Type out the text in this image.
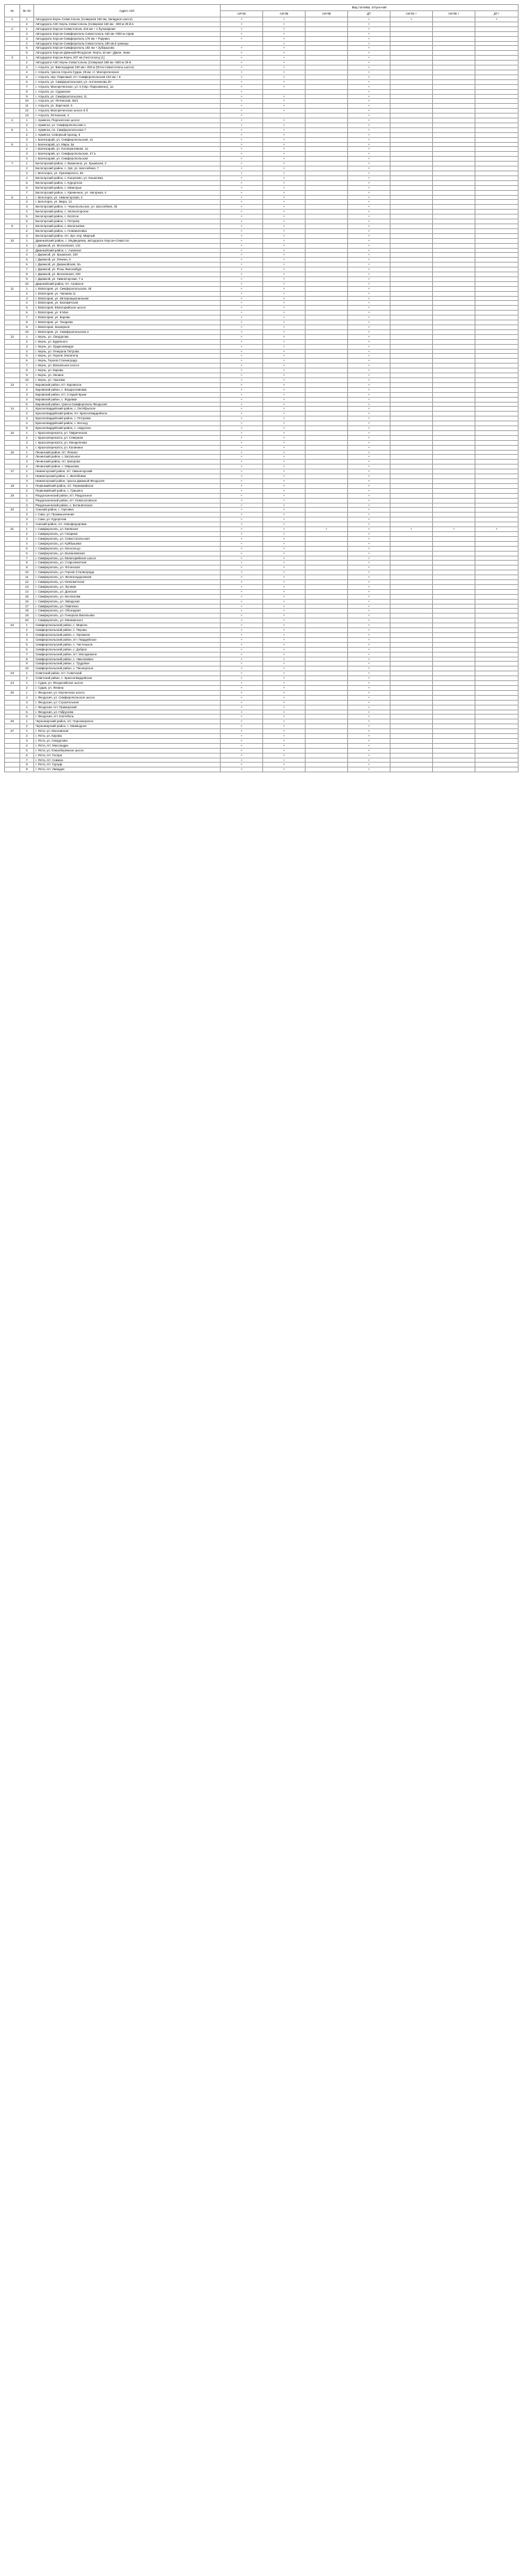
№	№ п/п	Адрес АЗС	Вид топлива, отпуск-ния						
			АИ-92	АИ-95	АИ-98	ДТ	АИ-92 +	АИ-95 +	ДТ+
1	1	Автодорога Керчь-Севастополь (Северная 150 км, Западное шоссе)	+	+		+	+		+
	2	Автодорога АЗС Керчь-Севастополь (Северная 150 км - 600 м 30-й в	+	+		+			
2	1	Автодорога Херсон-Севастополь 315 км + 1 бульварная	+	+		+			
	2	Автодорога Херсон-Симферополь-Севастополь 160 км +000 м справ	+	+		+			
	3	Автодорога Херсон-Симферополь 176 км + Роднико	+	+		+			
	4	Автодорога Херсон-Симферополь-Севастополь 180 км в границе		+		+			
	5	Автодорога Херсон-Симферополь 182 км + Зубарьково	+	+		+			
	6	Автодорога Херсон-Джанкой-Феодосия -Керчь 15 км+ (Джан. лежи	+	+		+			
3	1	Автодорога Херсон-Керчь 207 км (Чистополь) [г.]	+	+		+			
	2	Автодорога АЗС Керчь-Севастополь (Северная 198 км +500 м 30-й	+	+		+			
	3	г. Алушта, ул. Виноградная 100 км+ 400 м (Ялта-Севастополь шоссе)	+	+		+			
	4	г. Алушта, трасса Алушта-Судак, 28 км, ст. Малореченское	+	+		+			
	5	г. Алушта, пер. Парковый, пгт. Симферопольская 104 км + 6	+	+		+			
	6	г. Алушта, ул. Симферопольская, ул. Антоненкова 30	+	+		+			
	7	г. Алушта, Малореченское, ул. 6 (пер. Пархоменко), 1а	+	+		+			
	8	г. Алушта, ул. Судакская	+			+			
	9	г. Алушта, ул. Симферопольская, 11	+	+		+			
	10	г. Алушта, ул. Ялтинская, 56/1	+	+		+			
	11	г. Алушта, ул. Заречная, 5	+	+		+			
	12	г. Алушта, Малореченское шоссе 5 б	+	+		+			
	13	г. Алушта, Ялтинская, 4	+			+			
4	1	г. Армянск, Перекопское шоссе	+	+		+			
	2	г. Армянск, ул. Симферопольская 1	+	+		+			
5	1	г. Армянск, пл. Симферопольская 7	+	+		+			
	2	г. Армянск, Северный проезд, 6	+	+		+			
	3	г. Бахчисарай, ул. Симферопольская, 41	+	+		+			
6	1	г. Бахчисарай, ул. Мира, 5а	+	+		+			
	2	г. Бахчисарай, ул. Кооперативная, 1а	+	+		+			
	3	г. Бахчисарай, ул. Симферопольская, 47 а	+	+		+			
	4	г. Бахчисарай, ул. Симферопольская	+	+		+			
7	1	Белогорский район, с. Вишенное, ул. Крымская, 2	+	+		+			
	2	Белогорский район, с. Зуя, ул. Шоссейная, 7	+	+		+			
	3	г. Белогорск, ул. Луначарского, 62	+	+		+			
	4	Белогорский район, с. Кошелево, ул. Кошелева	+	+		+			
	5	Белогорский район, с. Курортное	+	+		+			
	6	Белогорский район, с. Межгорье	+	+		+			
	7	Белогорский район, с. Криничное, ул. Нагорная, 4	+	+		+			
8	1	г. Белогорск, ул. Нижнегорская, 4	+	+		+			
	2	г. Белогорск, ул. Мира, 12	+	+		+			
	3	Белогорский район, с. Чернопольское, ул. Шоссейная, 45	+	+		+			
	4	Белогорский район, с. Зеленогорское	+	+		+			
	5	Белогорский район, с. Богатое	+	+		+			
	6	Белогорский район, с. Петрово	+	+		+			
9	1	Белогорский район, с. Васильевка	+	+		+			
	2	Белогорский район, с. Новожиловка	+	+		+			
	3	Белогорский район, пгт. Зуя, пер. Мирный	+	+		+			
10	1	Джанкойский район, с. Медведевка, автодорога Херсон-Севастоп.	+	+		+			
	2	г. Джанкой, ул. Московская, 131	+	+		+			
	3	Джанкойский район, с. Азовское	+	+		+			
	4	г. Джанкой, ул. Крымская, 100	+	+		+			
	5	г. Джанкой, ул. Ленина, 6	+	+		+			
	6	г. Джанкой, ул. Джанкойская, 5а	+	+		+			
	7	г. Джанкой, ул. Розы Люксембург	+	+		+			
	8	г. Джанкой, ул. Московская, 100	+	+		+			
	9	г. Джанкой, ул. Нижнегорская, 7 а	+	+		+			
	10	Джанкойский район, пгт. Азовское	+	+		+			
11	1	г. Евпатория, ул. Симферопольская, 45	+	+		+			
	2	г. Евпатория, ул. Чапаева 11	+	+		+			
	3	г. Евпатория, ул. Интернациональная	+	+		+			
	4	г. Евпатория, ул. Каламитская	+	+		+			
	5	г. Евпатория, Евпаторийское шоссе	+	+		+			
	6	г. Евпатория, ул. 9 Мая	+	+		+			
	7	г. Евпатория, ул. Кирова	+	+		+			
	8	г. Евпатория, ул. Токарева	+	+		+			
	9	г. Евпатория, Заозёрное	+	+		+			
	10	г. Евпатория, ул. Симферопольская 2	+	+		+			
12	1	г. Керчь, ул. Свердлова	+	+		+			
	2	г. Керчь, ул. Будённого	+	+		+			
	3	г. Керчь, ул. Орджоникидзе	+	+		+			
	4	г. Керчь, ул. Генерала Петрова	+	+		+			
	5	г. Керчь, ул. Героев Эльтигена	+	+		+			
	6	г. Керчь, Героев Сталинграда	+	+		+			
	7	г. Керчь, ул. Вокзальное шоссе	+	+		+			
	8	г. Керчь, ул. Кирова	+	+		+			
	9	г. Керчь, ул. Ленина	+	+		+			
	10	г. Керчь, ул. Чкалова	+	+		+			
13	1	Кировский район, пгт. Кировское	+	+		+			
	2	Кировский район, с. Владиславовка	+	+		+			
	3	Кировский район, пгт. Старый Крым	+	+		+			
	4	Кировский район, с. Журавки	+	+		+			
	5	Кировский район, трасса Симферополь-Феодосия	+	+		+			
14	1	Красногвардейский район, с. Октябрьское	+	+		+			
	2	Красногвардейский район, пгт. Красногвардейское	+	+		+			
	3	Красногвардейский район, с. Петровка	+	+		+			
	4	Красногвардейский район, с. Восход	+	+		+			
	5	Красногвардейский район, с. Амурское	+	+		+			
15	1	г. Красноперекопск, ул. Таврическая	+	+		+			
	2	г. Красноперекопск, ул. Северная	+	+		+			
	3	г. Красноперекопск, ул. Менделеева	+	+		+			
	4	г. Красноперекопск, ул. Калинина	+	+		+			
16	1	Ленинский район, пгт. Ленино	+	+		+			
	2	Ленинский район, с. Батальное	+	+		+			
	3	Ленинский район, пгт. Багерово	+	+		+			
	4	Ленинский район, с. Марьевка	+	+		+			
17	1	Нижнегорский район, пгт. Нижнегорский	+	+		+			
	2	Нижнегорский район, с. Желябовка	+	+		+			
	3	Нижнегорский район, трасса Джанкой-Феодосия	+	+		+			
18	1	Первомайский район, пгт. Первомайское	+	+		+			
	2	Первомайский район, с. Гришино	+	+		+			
19	1	Раздольненский район, пгт. Раздольное	+	+		+			
	2	Раздольненский район, пгт. Новоселовское	+	+		+			
	3	Раздольненский район, с. Ботаническое	+	+		+			
20	1	Сакский район, с. Орловка	+	+		+			
	2	г. Саки, ул. Промышленная	+	+		+			
	3	г. Саки, ул. Курортная	+	+		+			
	4	Сакский район, пгт. Новофедоровка	+	+		+			
21	1	г. Симферополь, ул. Киевская	+	+	+	+	+	+	+
	2	г. Симферополь, ул. Гагарина	+	+		+			
	3	г. Симферополь, ул. Севастопольская	+	+		+			
	4	г. Симферополь, ул. Куйбышева	+	+		+			
	5	г. Симферополь, ул. Москольцо	+	+		+			
	6	г. Симферополь, ул. Балаклавская	+	+		+			
	7	г. Симферополь, ул. Евпаторийское шоссе	+	+		+			
	8	г. Симферополь, ул. Старозенитная	+	+		+			
	9	г. Симферополь, ул. Ялтинская	+	+		+			
	10	г. Симферополь, ул. Героев Сталинграда	+	+		+			
	11	г. Симферополь, ул. Железнодорожная	+	+		+			
	12	г. Симферополь, ул. Кечкеметская	+	+		+			
	13	г. Симферополь, ул. Луговая	+	+		+			
	14	г. Симферополь, ул. Донская	+	+		+			
	15	г. Симферополь, ул. Беспалова	+	+		+			
	16	г. Симферополь, ул. Заводская	+	+		+			
	17	г. Симферополь, ул. Павленко	+	+		+			
	18	г. Симферополь, ул. Объездная	+	+		+			
	19	г. Симферополь, ул. Генерала Васильева	+	+		+			
	20	г. Симферополь, ул. Маяковского	+	+		+			
22	1	Симферопольский район, с. Мирное	+	+		+			
	2	Симферопольский район, с. Перово	+	+		+			
	3	Симферопольский район, с. Укромное	+	+		+			
	4	Симферопольский район, пгт. Гвардейское	+	+		+			
	5	Симферопольский район, с. Чистенькое	+	+		+			
	6	Симферопольский район, с. Доброе	+	+		+			
	7	Симферопольский район, пгт. Молодежное	+	+		+			
	8	Симферопольский район, с. Николаевка	+	+		+			
	9	Симферопольский район, с. Трудовое	+	+		+			
	10	Симферопольский район, с. Пионерское	+	+		+			
23	1	Советский район, пгт. Советский	+	+		+			
	2	Советский район, с. Красногвардейское	+	+		+			
24	1	г. Судак, ул. Феодосийское шоссе	+	+		+			
	2	г. Судак, ул. Ленина	+	+		+			
25	1	г. Феодосия, ул. Керченское шоссе	+	+		+			
	2	г. Феодосия, ул. Симферопольское шоссе	+	+		+			
	3	г. Феодосия, ул. Строительная	+	+		+			
	4	г. Феодосия, пгт. Приморский	+	+		+			
	5	г. Феодосия, ул. Габрусева	+	+		+			
	6	г. Феодосия, пгт. Коктебель	+	+		+			
26	1	Черноморский район, пгт. Черноморское	+	+		+			
	2	Черноморский район, с. Межводное	+	+		+			
27	1	г. Ялта, ул. Московская	+	+		+			
	2	г. Ялта, ул. Кирова	+	+		+			
	3	г. Ялта, ул. Свердлова	+	+		+			
	4	г. Ялта, пгт. Массандра	+	+		+			
	5	г. Ялта, ул. Южнобережное шоссе	+	+		+			
	6	г. Ялта, пгт. Гаспра	+	+		+			
	7	г. Ялта, пгт. Симеиз	+	+		+			
	8	г. Ялта, пгт. Гурзуф	+	+		+			
	9	г. Ялта, пгт. Ливадия	+	+		+			
